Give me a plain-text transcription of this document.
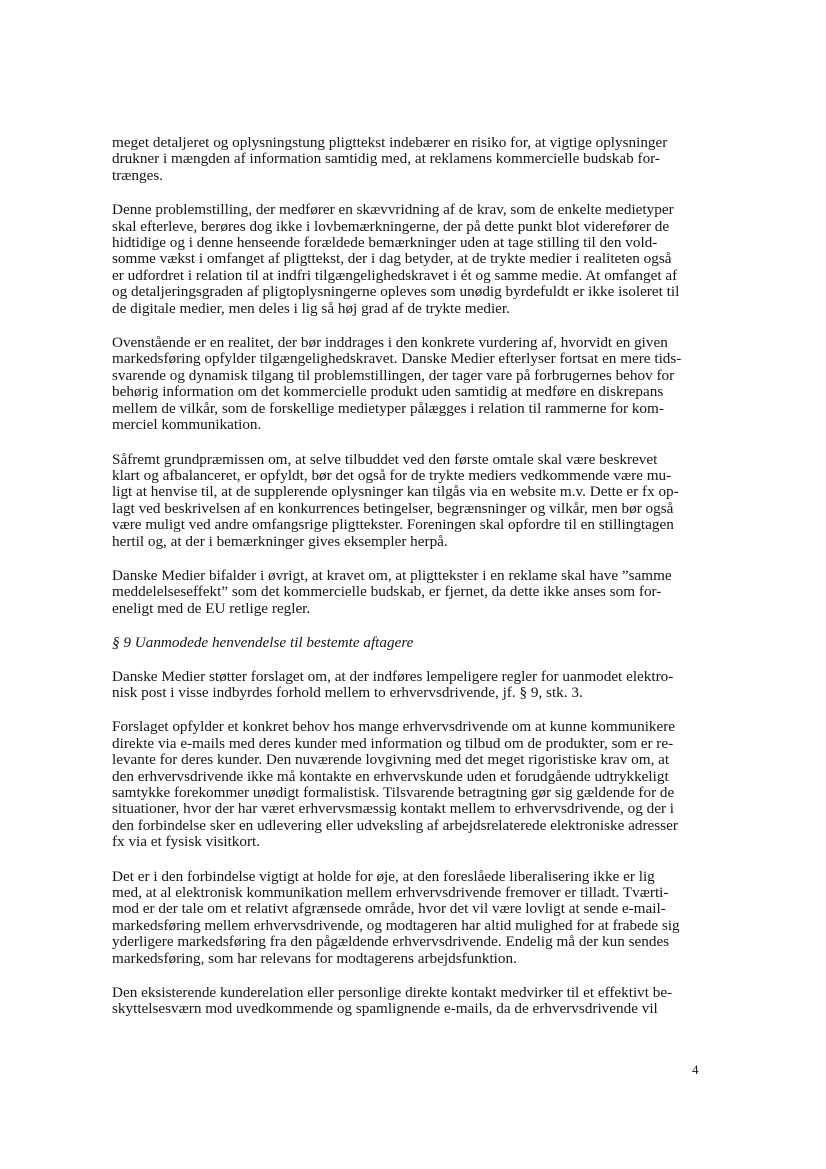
meget detaljeret og oplysningstung pligttekst indebærer en risiko for, at vigtige oplysninger
drukner i mængden af information samtidig med, at reklamens kommercielle budskab for-
trænges.

Denne problemstilling, der medfører en skævvridning af de krav, som de enkelte medietyper
skal efterleve, berøres dog ikke i lovbemærkningerne, der på dette punkt blot viderefører de
hidtidige og i denne henseende forældede bemærkninger uden at tage stilling til den vold-
somme vækst i omfanget af pligttekst, der i dag betyder, at de trykte medier i realiteten også
er udfordret i relation til at indfri tilgængelighedskravet i ét og samme medie. At omfanget af
og detaljeringsgraden af pligtoplysningerne opleves som unødig byrdefuldt er ikke isoleret til
de digitale medier, men deles i lig så høj grad af de trykte medier.

Ovenstående er en realitet, der bør inddrages i den konkrete vurdering af, hvorvidt en given
markedsføring opfylder tilgængelighedskravet. Danske Medier efterlyser fortsat en mere tids-
svarende og dynamisk tilgang til problemstillingen, der tager vare på forbrugernes behov for
behørig information om det kommercielle produkt uden samtidig at medføre en diskrepans
mellem de vilkår, som de forskellige medietyper pålægges i relation til rammerne for kom-
merciel kommunikation.

Såfremt grundpræmissen om, at selve tilbuddet ved den første omtale skal være beskrevet
klart og afbalanceret, er opfyldt, bør det også for de trykte mediers vedkommende være mu-
ligt at henvise til, at de supplerende oplysninger kan tilgås via en website m.v. Dette er fx op-
lagt ved beskrivelsen af en konkurrences betingelser, begrænsninger og vilkår, men bør også
være muligt ved andre omfangsrige pligttekster. Foreningen skal opfordre til en stillingtagen
hertil og, at der i bemærkninger gives eksempler herpå.

Danske Medier bifalder i øvrigt, at kravet om, at pligttekster i en reklame skal have ”samme
meddelelseseffekt” som det kommercielle budskab, er fjernet, da dette ikke anses som for-
eneligt med de EU retlige regler.

§ 9 Uanmodede henvendelse til bestemte aftagere

Danske Medier støtter forslaget om, at der indføres lempeligere regler for uanmodet elektro-
nisk post i visse indbyrdes forhold mellem to erhvervsdrivende, jf. § 9, stk. 3.

Forslaget opfylder et konkret behov hos mange erhvervsdrivende om at kunne kommunikere
direkte via e-mails med deres kunder med information og tilbud om de produkter, som er re-
levante for deres kunder. Den nuværende lovgivning med det meget rigoristiske krav om, at
den erhvervsdrivende ikke må kontakte en erhvervskunde uden et forudgående udtrykkeligt
samtykke forekommer unødigt formalistisk. Tilsvarende betragtning gør sig gældende for de
situationer, hvor der har været erhvervsmæssig kontakt mellem to erhvervsdrivende, og der i
den forbindelse sker en udlevering eller udveksling af arbejdsrelaterede elektroniske adresser
fx via et fysisk visitkort.

Det er i den forbindelse vigtigt at holde for øje, at den foreslåede liberalisering ikke er lig
med, at al elektronisk kommunikation mellem erhvervsdrivende fremover er tilladt. Tværti-
mod er der tale om et relativt afgrænsede område, hvor det vil være lovligt at sende e-mail-
markedsføring mellem erhvervsdrivende, og modtageren har altid mulighed for at frabede sig
yderligere markedsføring fra den pågældende erhvervsdrivende. Endelig må der kun sendes
markedsføring, som har relevans for modtagerens arbejdsfunktion.

Den eksisterende kunderelation eller personlige direkte kontakt medvirker til et effektivt be-
skyttelsesværn mod uvedkommende og spamlignende e-mails, da de erhvervsdrivende vil

4
